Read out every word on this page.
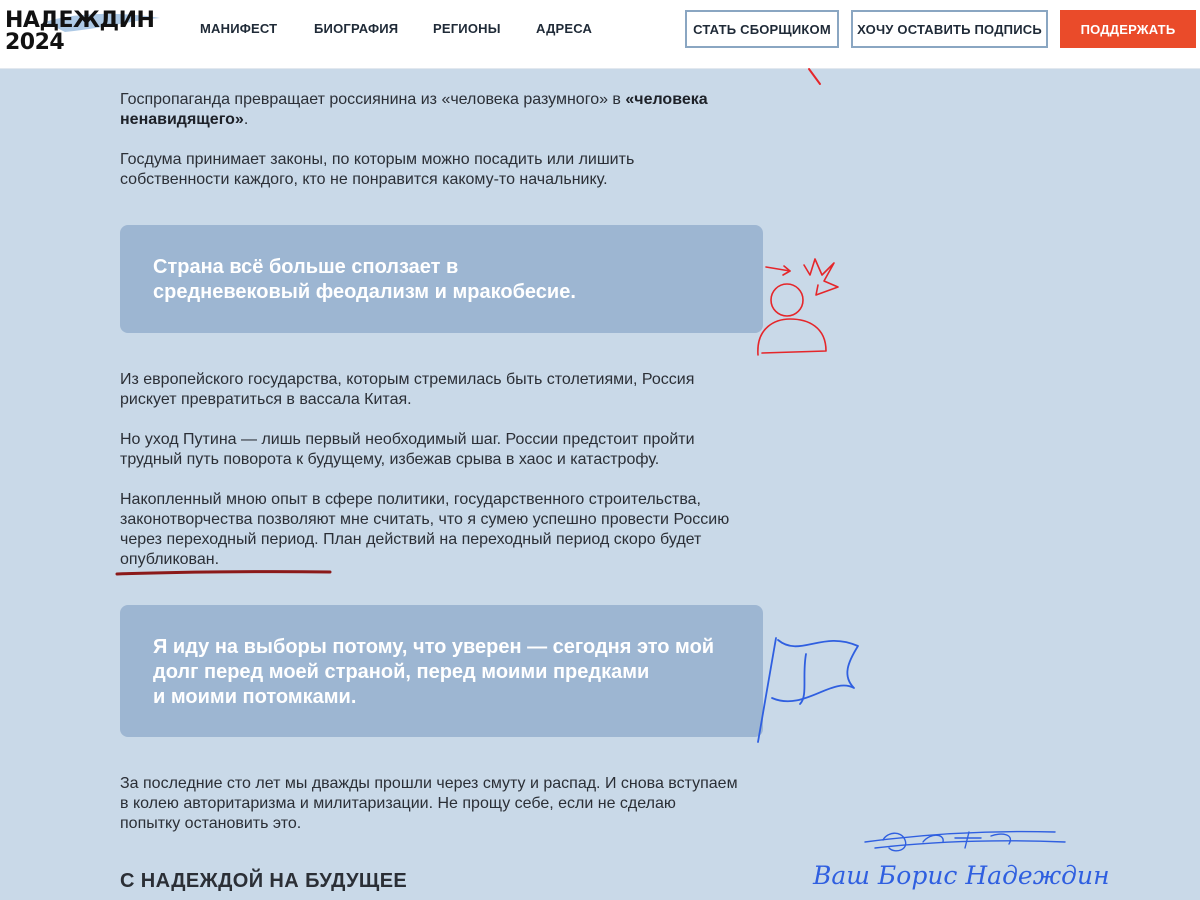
НАДЕЖДИН
2024
МАНИФЕСТ	БИОГРАФИЯ	РЕГИОНЫ	АДРЕСА	СТАТЬ СБОРЩИКОМ	ХОЧУ ОСТАВИТЬ ПОДПИСЬ	ПОДДЕРЖАТЬ
Госпропаганда превращает россиянина из «человека разумного» в «человека ненавидящего».
Госдума принимает законы, по которым можно посадить или лишить собственности каждого, кто не понравится какому-то начальнику.
Страна всё больше сползает в средневековый феодализм и мракобесие.
Из европейского государства, которым стремилась быть столетиями, Россия рискует превратиться в вассала Китая.
Но уход Путина — лишь первый необходимый шаг. России предстоит пройти трудный путь поворота к будущему, избежав срыва в хаос и катастрофу.
Накопленный мною опыт в сфере политики, государственного строительства, законотворчества позволяют мне считать, что я сумею успешно провести Россию через переходный период. План действий на переходный период скоро будет опубликован.
Я иду на выборы потому, что уверен — сегодня это мой
долг перед моей страной, перед моими предками
и моими потомками.
За последние сто лет мы дважды прошли через смуту и распад. И снова вступаем в колею авторитаризма и милитаризации. Не прощу себе, если не сделаю попытку остановить это.
С НАДЕЖДОЙ НА БУДУЩЕЕ	Ваш Борис Надеждин
